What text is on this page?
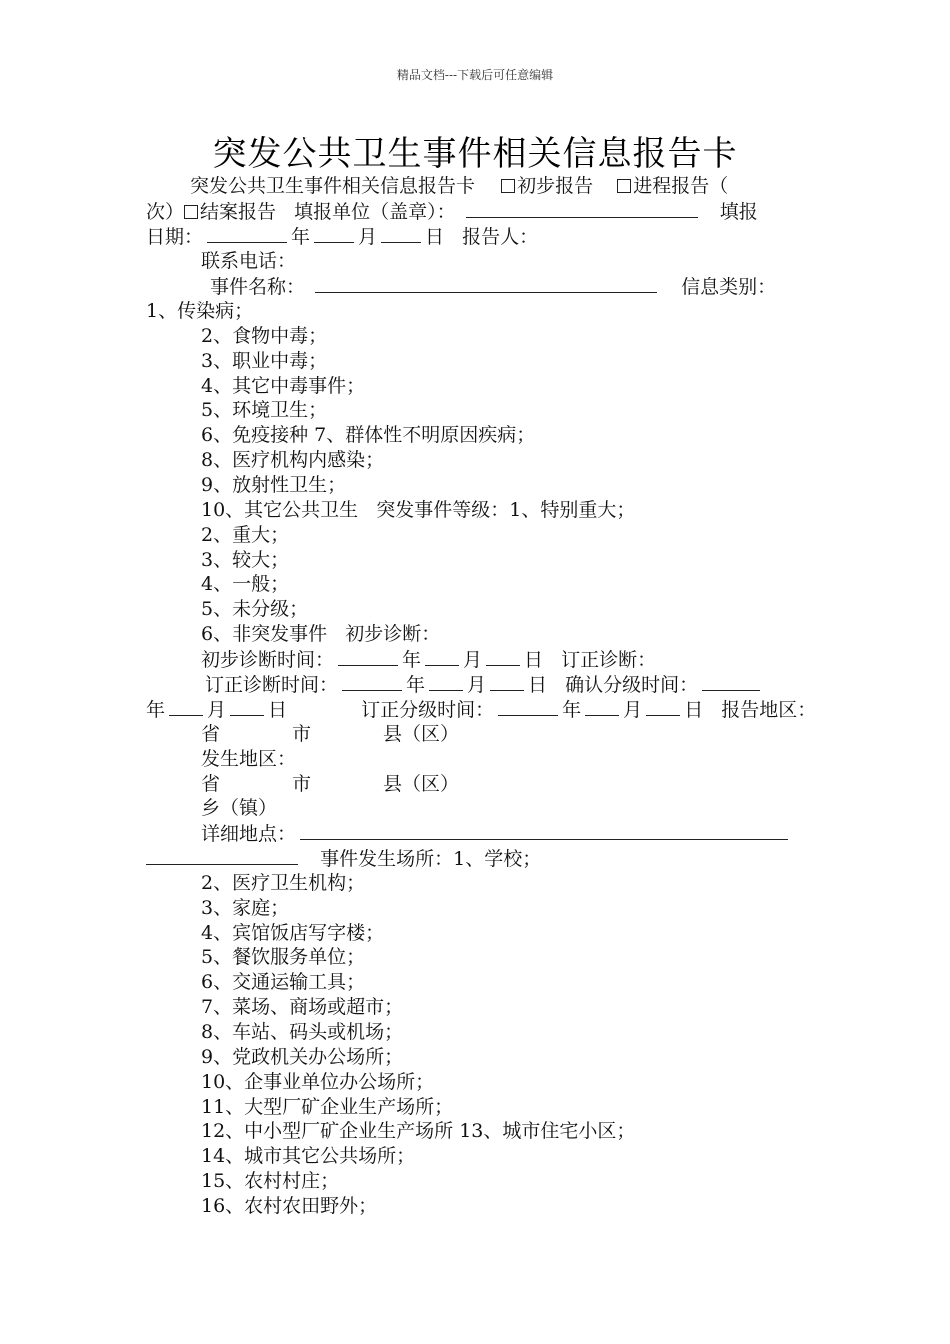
精品文档---下载后可任意编辑
突发公共卫生事件相关信息报告卡
突发公共卫生事件相关信息报告卡 初步报告 进程报告（
次） 结案报告 填报单位（盖章）：	填报
日期：	年	月	日 报告人：
联系电话：
事件名称：	信息类别：
1、传染病；
2、食物中毒；
3、职业中毒；
4、其它中毒事件；
5、环境卫生；
6、免疫接种 7、群体性不明原因疾病；
8、医疗机构内感染；
9、放射性卫生；
10、其它公共卫生 突发事件等级：1、特别重大；
2、重大；
3、较大；
4、一般；
5、未分级；
6、非突发事件 初步诊断：
初步诊断时间：	年 月 日 订正诊断：
订正诊断时间：	年 月 日 确认分级时间：
年 月 日	订正分级时间：	年 月 日 报告地区：
省	市	县（区）
发生地区：
省	市	县（区）
乡（镇）
详细地点：
事件发生场所：1、学校；
2、医疗卫生机构；
3、家庭；
4、宾馆饭店写字楼；
5、餐饮服务单位；
6、交通运输工具；
7、菜场、商场或超市；
8、车站、码头或机场；
9、党政机关办公场所；
10、企事业单位办公场所；
11、大型厂矿企业生产场所；
12、中小型厂矿企业生产场所 13、城市住宅小区；
14、城市其它公共场所；
15、农村村庄；
16、农村农田野外；
